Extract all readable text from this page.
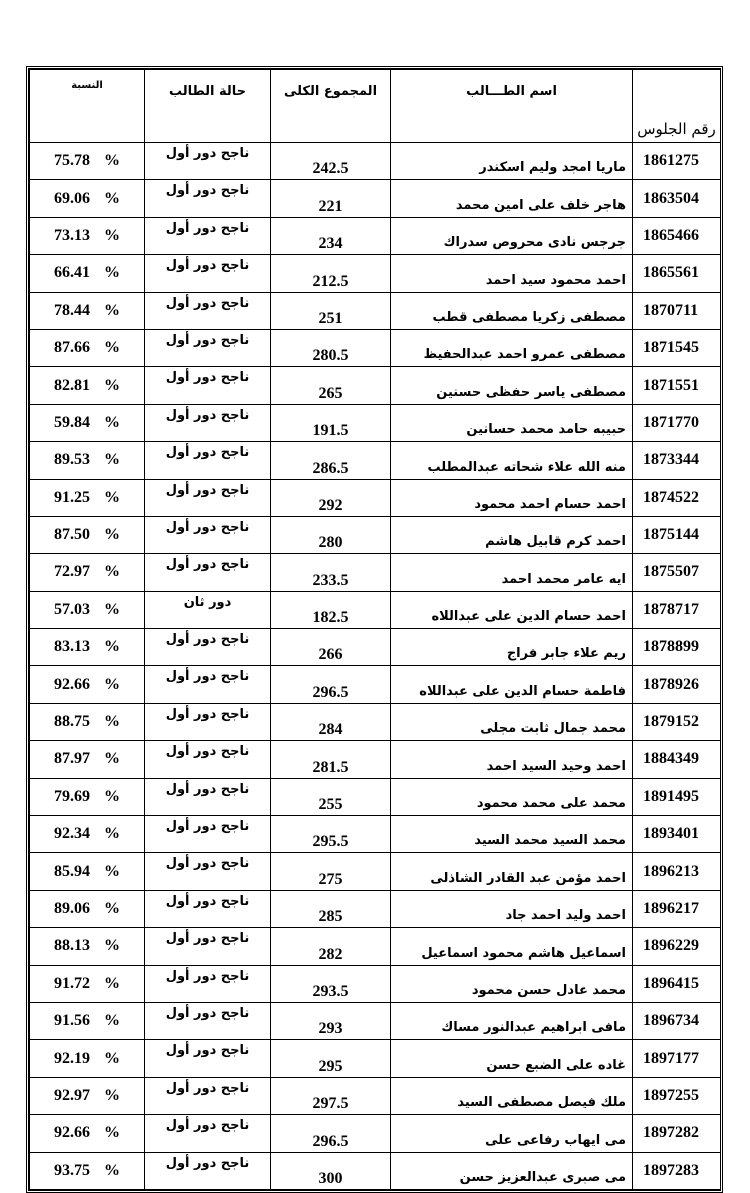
النسبة	حالة الطالب	المجموع الكلى	اسم الطـــالب	رقم الجلوس
75.78 %	ناجح دور أول	242.5	ماريا امجد وليم اسكندر	1861275
69.06 %	ناجح دور أول	221	هاجر خلف على امين محمد	1863504
73.13 %	ناجح دور أول	234	جرجس نادى محروص سدراك	1865466
66.41 %	ناجح دور أول	212.5	احمد محمود سيد احمد	1865561
78.44 %	ناجح دور أول	251	مصطفى زكريا مصطفى قطب	1870711
87.66 %	ناجح دور أول	280.5	مصطفى عمرو احمد عبدالحفيظ	1871545
82.81 %	ناجح دور أول	265	مصطفى ياسر حفظى حسنين	1871551
59.84 %	ناجح دور أول	191.5	حبيبه حامد محمد حسانين	1871770
89.53 %	ناجح دور أول	286.5	منه الله علاء شحاته عبدالمطلب	1873344
91.25 %	ناجح دور أول	292	احمد حسام احمد محمود	1874522
87.50 %	ناجح دور أول	280	احمد كرم قابيل هاشم	1875144
72.97 %	ناجح دور أول	233.5	ايه عامر محمد احمد	1875507
57.03 %	دور ثان	182.5	احمد حسام الدين على عبداللاه	1878717
83.13 %	ناجح دور أول	266	ريم علاء جابر فراج	1878899
92.66 %	ناجح دور أول	296.5	فاطمة حسام الدين على عبداللاه	1878926
88.75 %	ناجح دور أول	284	محمد جمال ثابت مجلى	1879152
87.97 %	ناجح دور أول	281.5	احمد وحيد السيد احمد	1884349
79.69 %	ناجح دور أول	255	محمد على محمد محمود	1891495
92.34 %	ناجح دور أول	295.5	محمد السيد محمد السيد	1893401
85.94 %	ناجح دور أول	275	احمد مؤمن عبد القادر الشاذلى	1896213
89.06 %	ناجح دور أول	285	احمد وليد احمد جاد	1896217
88.13 %	ناجح دور أول	282	اسماعيل هاشم محمود اسماعيل	1896229
91.72 %	ناجح دور أول	293.5	محمد عادل حسن محمود	1896415
91.56 %	ناجح دور أول	293	مافى ابراهيم عبدالنور مساك	1896734
92.19 %	ناجح دور أول	295	غاده على الضبع حسن	1897177
92.97 %	ناجح دور أول	297.5	ملك فيصل مصطفى السيد	1897255
92.66 %	ناجح دور أول	296.5	مى ايهاب رفاعى على	1897282
93.75 %	ناجح دور أول	300	مى صبرى عبدالعزيز حسن	1897283
